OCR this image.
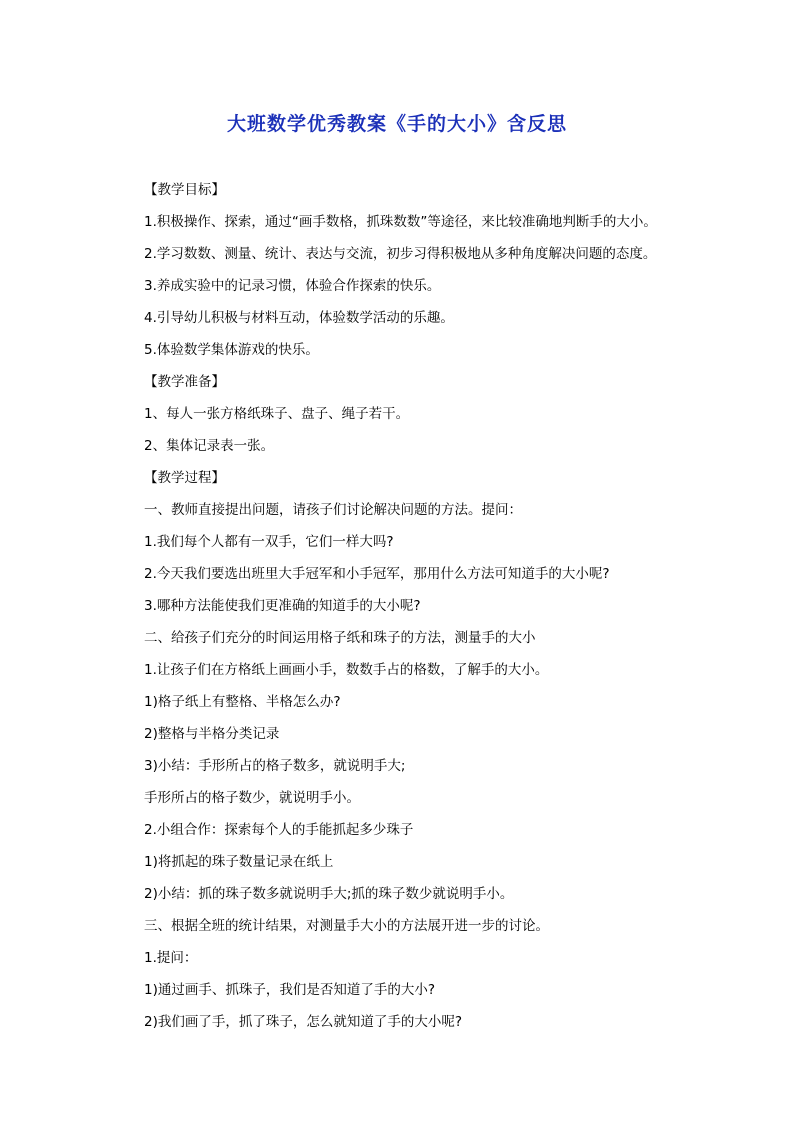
大班数学优秀教案《手的大小》含反思
【教学目标】
1.积极操作、探索，通过“画手数格，抓珠数数”等途径，来比较准确地判断手的大小。
2.学习数数、测量、统计、表达与交流，初步习得积极地从多种角度解决问题的态度。
3.养成实验中的记录习惯，体验合作探索的快乐。
4.引导幼儿积极与材料互动，体验数学活动的乐趣。
5.体验数学集体游戏的快乐。
【教学准备】
1、每人一张方格纸珠子、盘子、绳子若干。
2、集体记录表一张。
【教学过程】
一、教师直接提出问题，请孩子们讨论解决问题的方法。提问：
1.我们每个人都有一双手，它们一样大吗?
2.今天我们要选出班里大手冠军和小手冠军，那用什么方法可知道手的大小呢?
3.哪种方法能使我们更准确的知道手的大小呢?
二、给孩子们充分的时间运用格子纸和珠子的方法，测量手的大小
1.让孩子们在方格纸上画画小手，数数手占的格数，了解手的大小。
1)格子纸上有整格、半格怎么办?
2)整格与半格分类记录
3)小结：手形所占的格子数多，就说明手大;
手形所占的格子数少，就说明手小。
2.小组合作：探索每个人的手能抓起多少珠子
1)将抓起的珠子数量记录在纸上
2)小结：抓的珠子数多就说明手大;抓的珠子数少就说明手小。
三、根据全班的统计结果，对测量手大小的方法展开进一步的讨论。
1.提问：
1)通过画手、抓珠子，我们是否知道了手的大小?
2)我们画了手，抓了珠子，怎么就知道了手的大小呢?
